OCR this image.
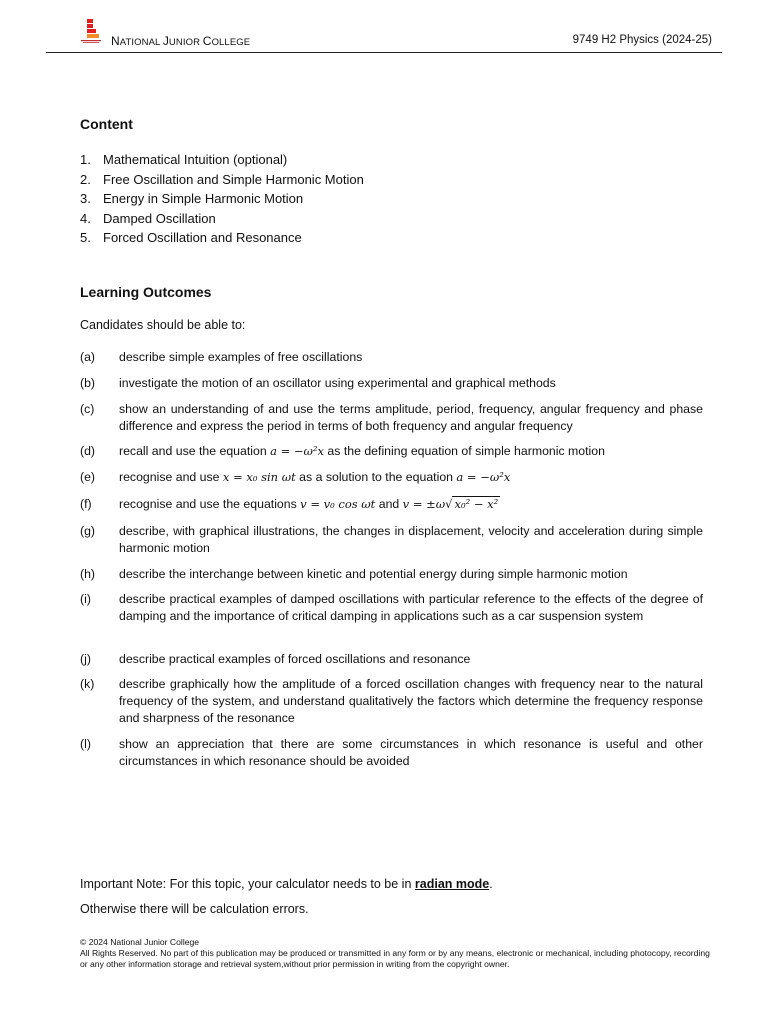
NATIONAL JUNIOR COLLEGE	9749 H2 Physics (2024-25)
Content
1. Mathematical Intuition (optional)
2. Free Oscillation and Simple Harmonic Motion
3. Energy in Simple Harmonic Motion
4. Damped Oscillation
5. Forced Oscillation and Resonance
Learning Outcomes
Candidates should be able to:
(a)	describe simple examples of free oscillations
(b)	investigate the motion of an oscillator using experimental and graphical methods
(c)	show an understanding of and use the terms amplitude, period, frequency, angular frequency and phase difference and express the period in terms of both frequency and angular frequency
(d)	recall and use the equation a = −ω²x as the defining equation of simple harmonic motion
(e)	recognise and use x = x₀ sin ωt as a solution to the equation a = −ω²x
(f)	recognise and use the equations v = v₀ cos ωt and v = ±ω√ x₀² − x²
(g)	describe, with graphical illustrations, the changes in displacement, velocity and acceleration during simple harmonic motion
(h)	describe the interchange between kinetic and potential energy during simple harmonic motion
(i)	describe practical examples of damped oscillations with particular reference to the effects of the degree of damping and the importance of critical damping in applications such as a car suspension system
(j)	describe practical examples of forced oscillations and resonance
(k)	describe graphically how the amplitude of a forced oscillation changes with frequency near to the natural frequency of the system, and understand qualitatively the factors which determine the frequency response and sharpness of the resonance
(l)	show an appreciation that there are some circumstances in which resonance is useful and other circumstances in which resonance should be avoided
Important Note: For this topic, your calculator needs to be in radian mode.
Otherwise there will be calculation errors.
© 2024 National Junior College
All Rights Reserved. No part of this publication may be produced or transmitted in any form or by any means, electronic or mechanical, including photocopy, recording or any other information storage and retrieval system,without prior permission in writing from the copyright owner.
